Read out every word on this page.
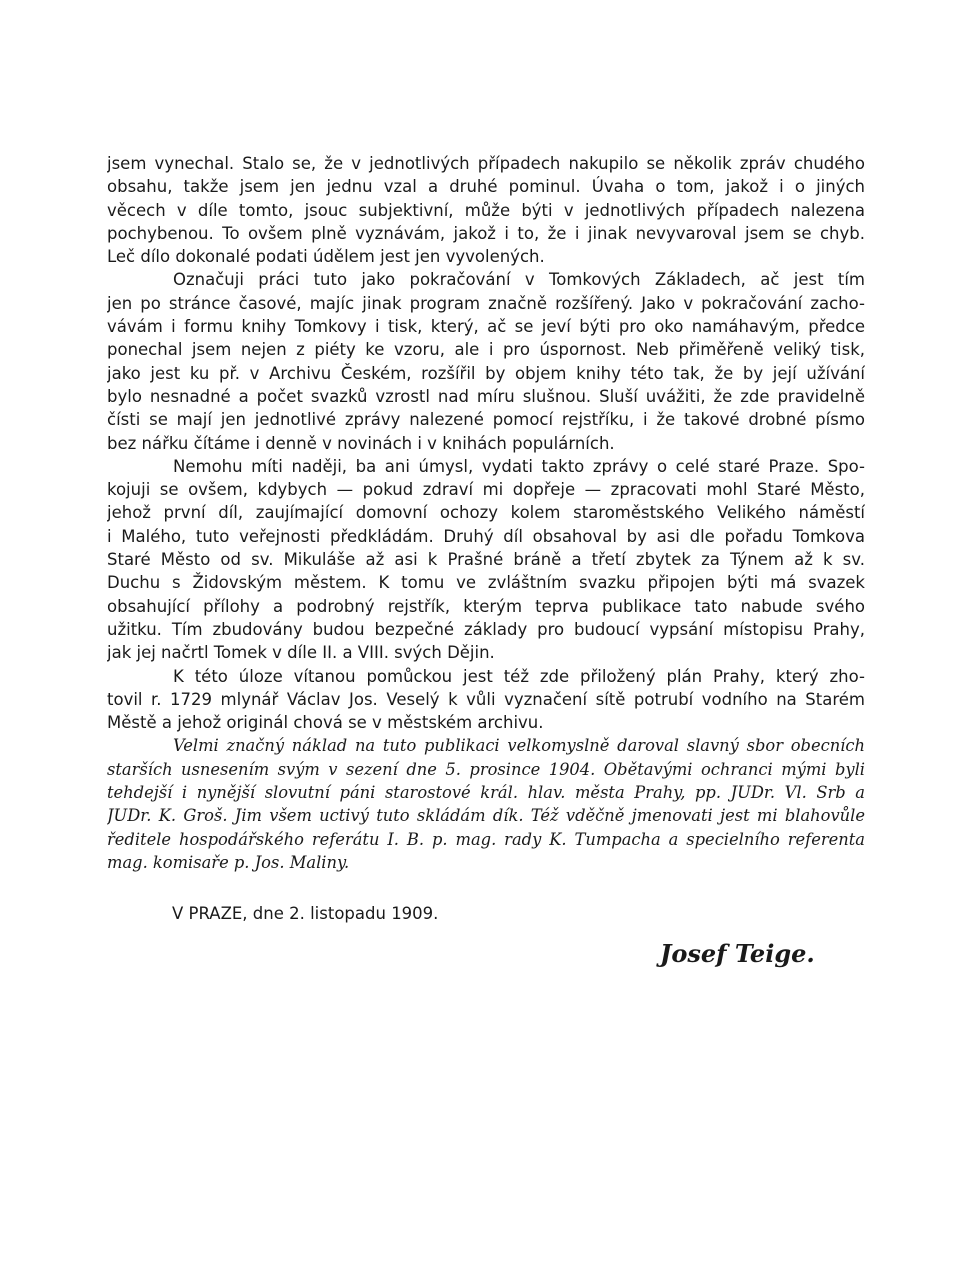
jsem vynechal. Stalo se, že v jednotlivých případech nakupilo se několik zpráv chudého
obsahu, takže jsem jen jednu vzal a druhé pominul. Úvaha o tom, jakož i o jiných
věcech v díle tomto, jsouc subjektivní, může býti v jednotlivých případech nalezena
pochybenou. To ovšem plně vyznávám, jakož i to, že i jinak nevyvaroval jsem se chyb.
Leč dílo dokonalé podati údělem jest jen vyvolených.
Označuji práci tuto jako pokračování v Tomkových Základech, ač jest tím
jen po stránce časové, majíc jinak program značně rozšířený. Jako v pokračování zacho-
vávám i formu knihy Tomkovy i tisk, který, ač se jeví býti pro oko namáhavým, předce
ponechal jsem nejen z piéty ke vzoru, ale i pro úspornost. Neb přiměřeně veliký tisk,
jako jest ku př. v Archivu Českém, rozšířil by objem knihy této tak, že by její užívání
bylo nesnadné a počet svazků vzrostl nad míru slušnou. Sluší uvážiti, že zde pravidelně
čísti se mají jen jednotlivé zprávy nalezené pomocí rejstříku, i že takové drobné písmo
bez nářku čítáme i denně v novinách i v knihách populárních.
Nemohu míti naději, ba ani úmysl, vydati takto zprávy o celé staré Praze. Spo-
kojuji se ovšem, kdybych — pokud zdraví mi dopřeje — zpracovati mohl Staré Město,
jehož první díl, zaujímající domovní ochozy kolem staroměstského Velikého náměstí
i Malého, tuto veřejnosti předkládám. Druhý díl obsahoval by asi dle pořadu Tomkova
Staré Město od sv. Mikuláše až asi k Prašné bráně a třetí zbytek za Týnem až k sv.
Duchu s Židovským městem. K tomu ve zvláštním svazku připojen býti má svazek
obsahující přílohy a podrobný rejstřík, kterým teprva publikace tato nabude svého
užitku. Tím zbudovány budou bezpečné základy pro budoucí vypsání místopisu Prahy,
jak jej načrtl Tomek v díle II. a VIII. svých Dějin.
K této úloze vítanou pomůckou jest též zde přiložený plán Prahy, který zho-
tovil r. 1729 mlynář Václav Jos. Veselý k vůli vyznačení sítě potrubí vodního na Starém
Městě a jehož originál chová se v městském archivu.
Velmi značný náklad na tuto publikaci velkomyslně daroval slavný sbor obecních
starších usnesením svým v sezení dne 5. prosince 1904. Obětavými ochranci mými byli
tehdejší i nynější slovutní páni starostové král. hlav. města Prahy, pp. JUDr. Vl. Srb a
JUDr. K. Groš. Jim všem uctivý tuto skládám dík. Též vděčně jmenovati jest mi blahovůle
ředitele hospodářského referátu I. B. p. mag. rady K. Tumpacha a specielního referenta
mag. komisaře p. Jos. Maliny.
V PRAZE, dne 2. listopadu 1909.
Josef Teige.
